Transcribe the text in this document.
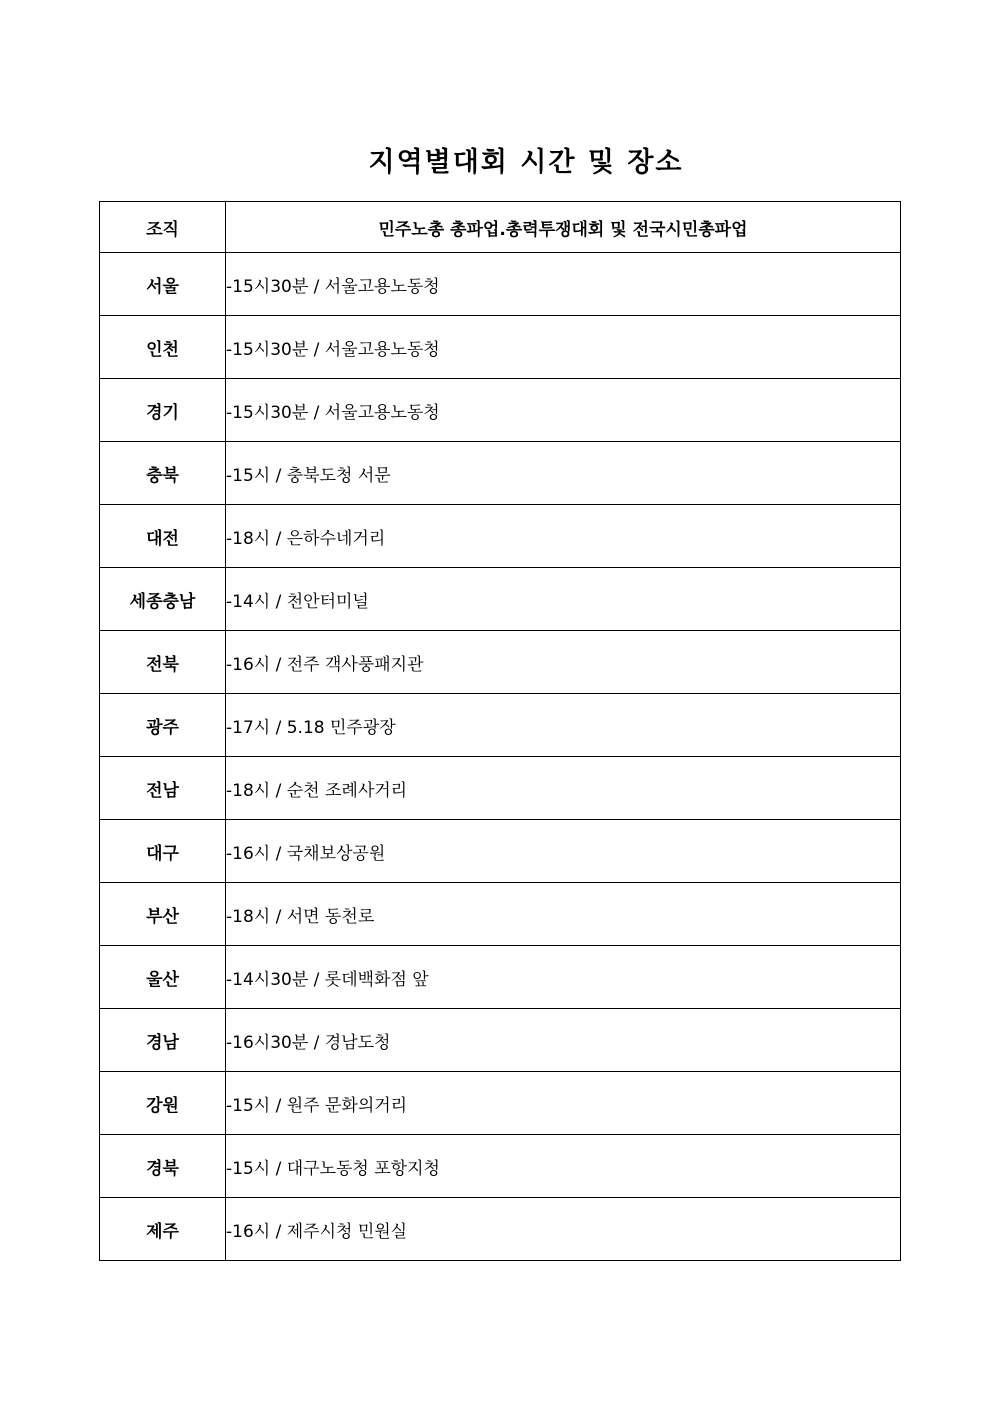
지역별대회 시간 및 장소
조직	민주노총 총파업.총력투쟁대회 및 전국시민총파업
서울	-15시30분 / 서울고용노동청
인천	-15시30분 / 서울고용노동청
경기	-15시30분 / 서울고용노동청
충북	-15시 / 충북도청 서문
대전	-18시 / 은하수네거리
세종충남	-14시 / 천안터미널
전북	-16시 / 전주 객사풍패지관
광주	-17시 / 5.18 민주광장
전남	-18시 / 순천 조례사거리
대구	-16시 / 국채보상공원
부산	-18시 / 서면 동천로
울산	-14시30분 / 롯데백화점 앞
경남	-16시30분 / 경남도청
강원	-15시 / 원주 문화의거리
경북	-15시 / 대구노동청 포항지청
제주	-16시 / 제주시청 민원실
